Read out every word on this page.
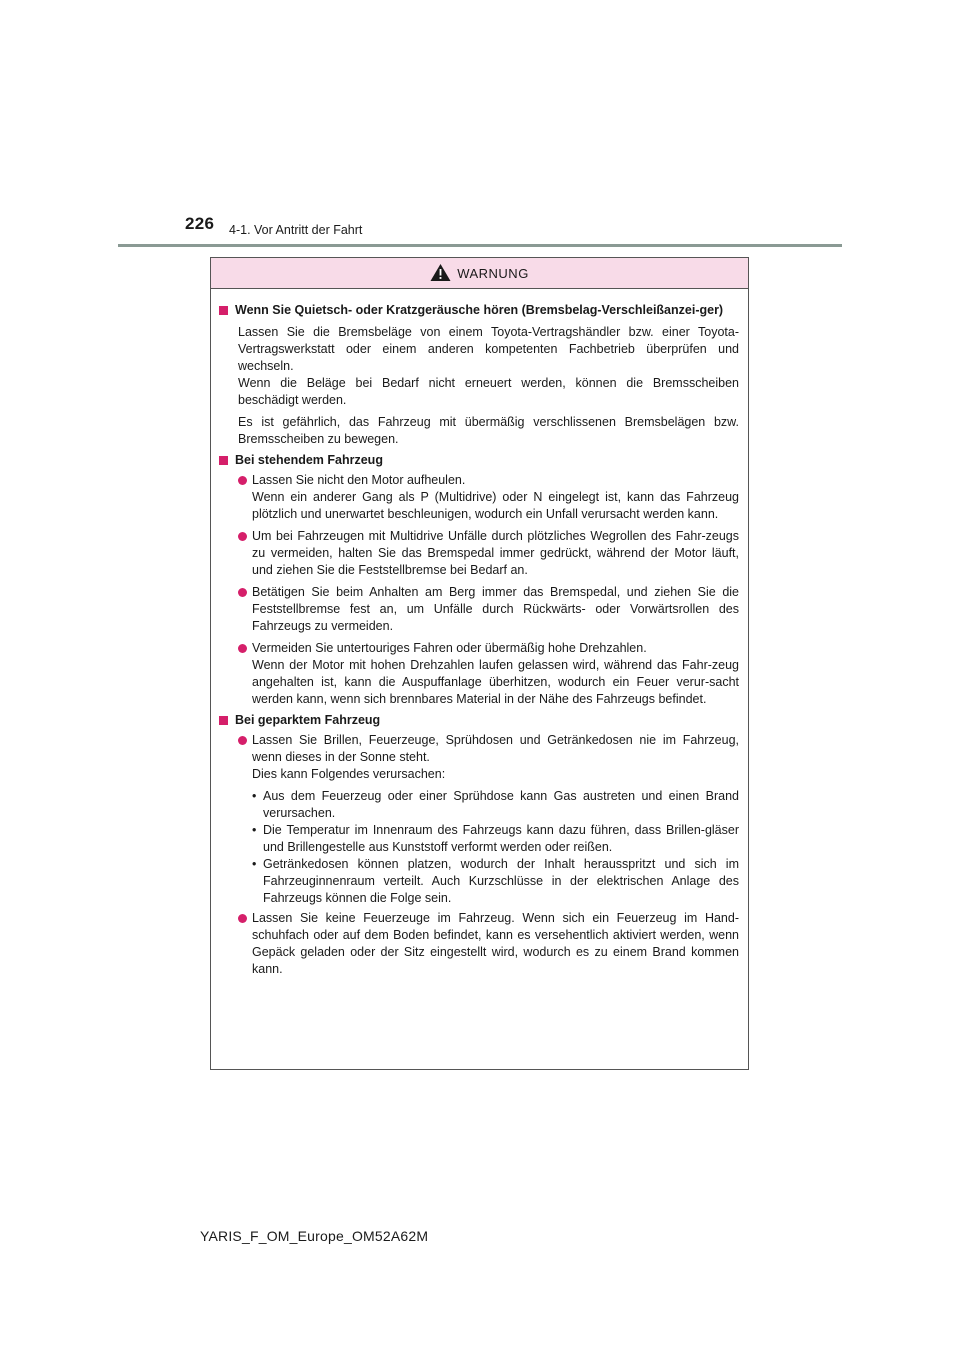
226 4-1. Vor Antritt der Fahrt
WARNUNG
Wenn Sie Quietsch- oder Kratzgeräusche hören (Bremsbelag-Verschleißanzei-ger)
Lassen Sie die Bremsbeläge von einem Toyota-Vertragshändler bzw. einer Toyota-Vertragswerkstatt oder einem anderen kompetenten Fachbetrieb überprüfen und wechseln.
Wenn die Beläge bei Bedarf nicht erneuert werden, können die Bremsscheiben beschädigt werden.
Es ist gefährlich, das Fahrzeug mit übermäßig verschlissenen Bremsbelägen bzw. Bremsscheiben zu bewegen.
Bei stehendem Fahrzeug
Lassen Sie nicht den Motor aufheulen.
Wenn ein anderer Gang als P (Multidrive) oder N eingelegt ist, kann das Fahrzeug plötzlich und unerwartet beschleunigen, wodurch ein Unfall verursacht werden kann.
Um bei Fahrzeugen mit Multidrive Unfälle durch plötzliches Wegrollen des Fahr-zeugs zu vermeiden, halten Sie das Bremspedal immer gedrückt, während der Motor läuft, und ziehen Sie die Feststellbremse bei Bedarf an.
Betätigen Sie beim Anhalten am Berg immer das Bremspedal, und ziehen Sie die Feststellbremse fest an, um Unfälle durch Rückwärts- oder Vorwärtsrollen des Fahrzeugs zu vermeiden.
Vermeiden Sie untertouriges Fahren oder übermäßig hohe Drehzahlen.
Wenn der Motor mit hohen Drehzahlen laufen gelassen wird, während das Fahr-zeug angehalten ist, kann die Auspuffanlage überhitzen, wodurch ein Feuer verur-sacht werden kann, wenn sich brennbares Material in der Nähe des Fahrzeugs befindet.
Bei geparktem Fahrzeug
Lassen Sie Brillen, Feuerzeuge, Sprühdosen und Getränkedosen nie im Fahrzeug, wenn dieses in der Sonne steht.
Dies kann Folgendes verursachen:
• Aus dem Feuerzeug oder einer Sprühdose kann Gas austreten und einen Brand verursachen.
• Die Temperatur im Innenraum des Fahrzeugs kann dazu führen, dass Brillen-gläser und Brillengestelle aus Kunststoff verformt werden oder reißen.
• Getränkedosen können platzen, wodurch der Inhalt herausspritzt und sich im Fahrzeuginnenraum verteilt. Auch Kurzschlüsse in der elektrischen Anlage des Fahrzeugs können die Folge sein.
Lassen Sie keine Feuerzeuge im Fahrzeug. Wenn sich ein Feuerzeug im Hand-schuhfach oder auf dem Boden befindet, kann es versehentlich aktiviert werden, wenn Gepäck geladen oder der Sitz eingestellt wird, wodurch es zu einem Brand kommen kann.
YARIS_F_OM_Europe_OM52A62M
